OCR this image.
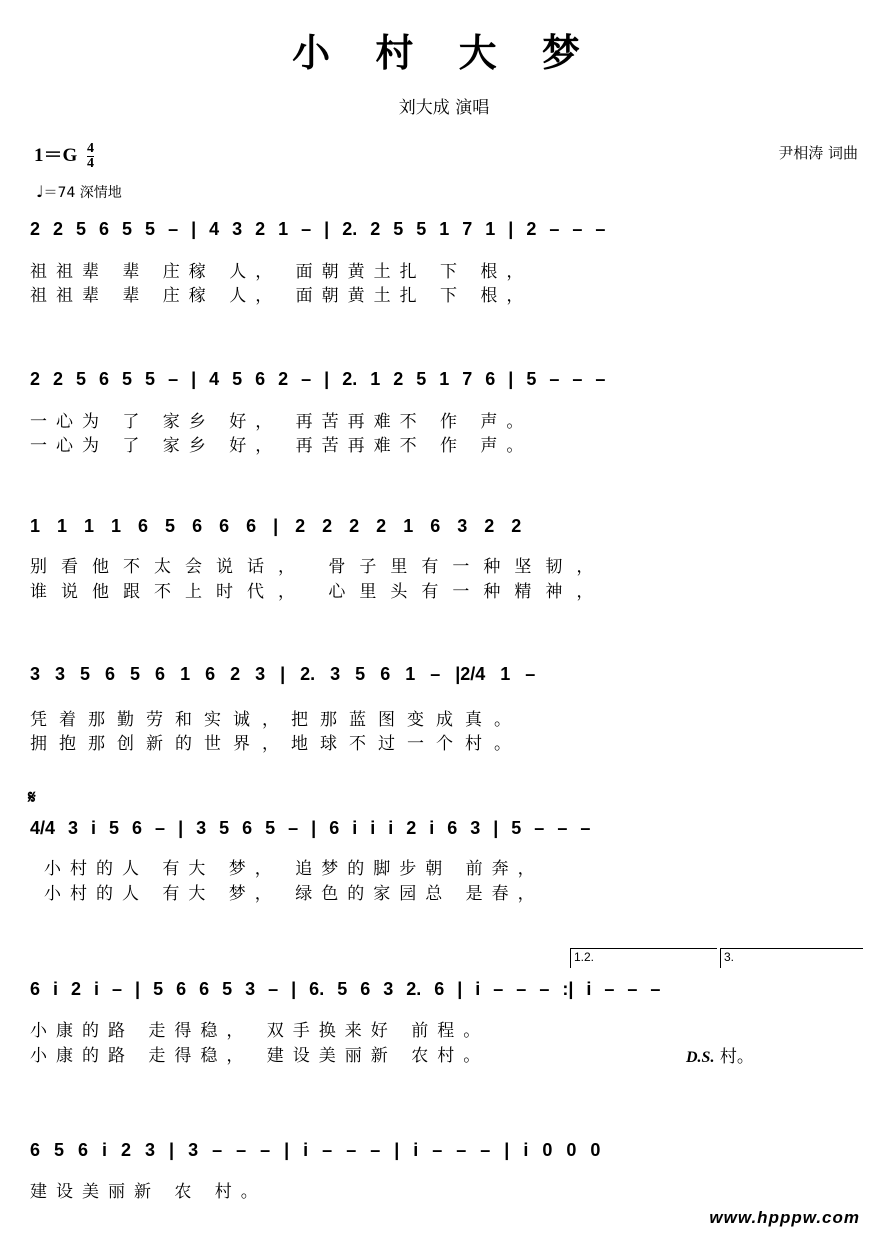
小 村 大 梦
刘大成 演唱
$1=G \frac{4}{4}$	尹相涛 词曲
♩＝74 深情地
2 2 5 6 5 5 – | 4 3 2 1 – | 2. 2 5 5 1 7 1 | 2 – – –
祖祖辈 辈 庄稼 人， 面朝黄土扎 下 根，
祖祖辈 辈 庄稼 人， 面朝黄土扎 下 根，
2 2 5 6 5 5 – | 4 5 6 2 – | 2. 1 2 5 1 7 6 | 5 – – –
一心为 了 家乡 好， 再苦再难不 作 声。
一心为 了 家乡 好， 再苦再难不 作 声。
1 1 1 1 6 5 6 6 6 | 2 2 2 2 1 6 3 2 2
别看他不太会说话， 骨子里有一种坚韧，
谁说他跟不上时代， 心里头有一种精神，
3 3 5 6 5 6 1 6 2 3 | 2. 3 5 6 1 – |2/4 1 –
凭着那勤劳和实诚，把那蓝图变成真。
拥抱那创新的世界，地球不过一个村。
𝄋
4/4 3 i 5 6 – | 3 5 6 5 – | 6 i i i 2 i 6 3 | 5 – – –
小村的人 有大 梦， 追梦的脚步朝 前奔，
小村的人 有大 梦， 绿色的家园总 是春，
1.2.	3.
6 i 2 i – | 5 6 6 5 3 – | 6. 5 6 3 2. 6 | i – – – :| i – – –
小康的路 走得稳， 双手换来好 前程。
小康的路 走得稳， 建设美丽新 农村。	D.S. 村。
6 5 6 i 2 3 | 3 – – – | i – – – | i – – – | i 0 0 0
建设美丽新 农 村。
www.hpppw.com
